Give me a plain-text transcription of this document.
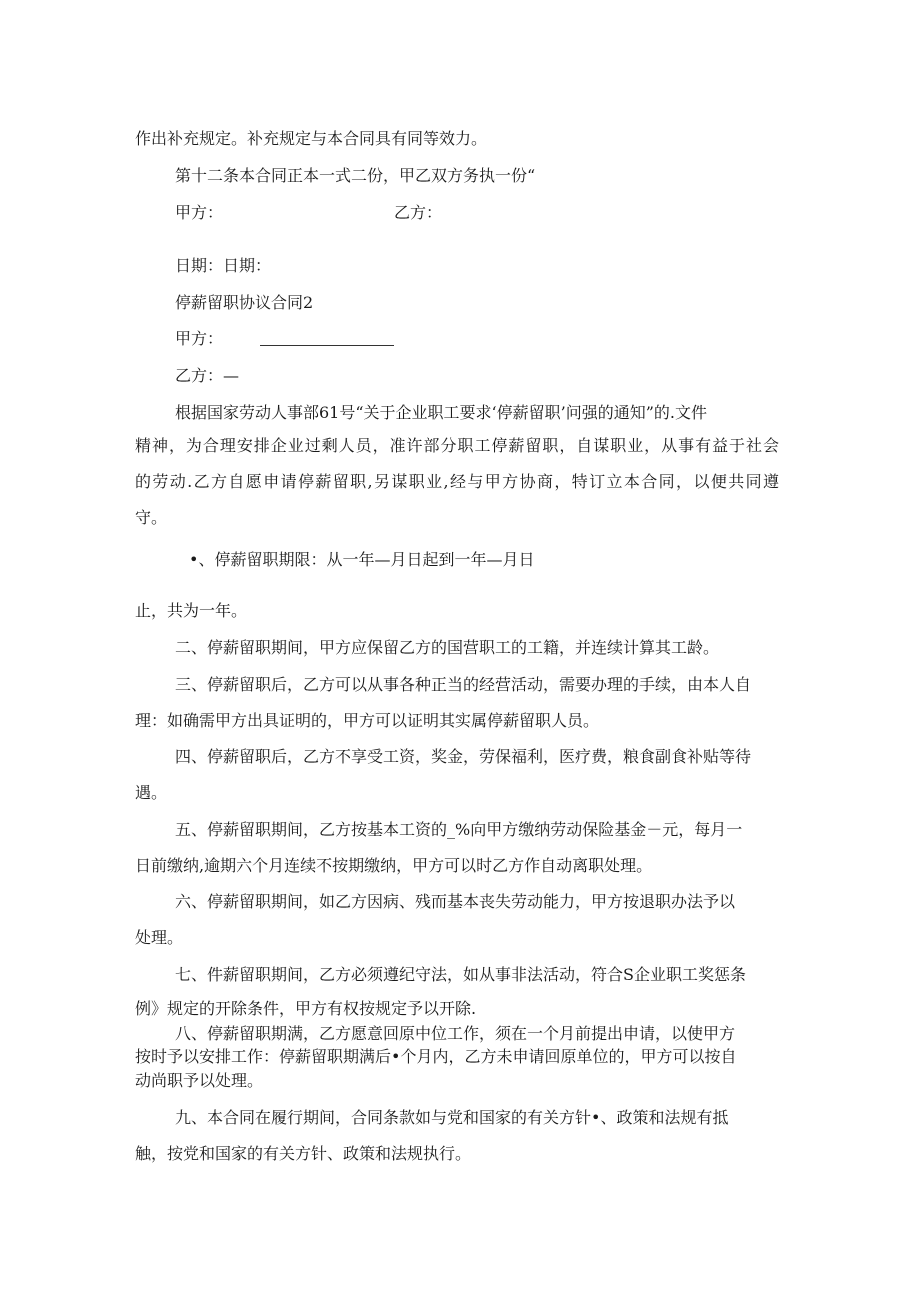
作出补充规定。补充规定与本合同具有同等效力。
第十二条本合同正本一式二份，甲乙双方务执一份“
甲方：	乙方：
日期：日期：
停薪留职协议合同2
甲方：
乙方：—
根据国家劳动人事部61号“关于企业职工要求‘停薪留职’问强的通知”的.文件
精神，为合理安排企业过剩人员，准许部分职工停薪留职，自谋职业，从事有益于社会
的劳动.乙方自愿申请停薪留职,另谋职业,经与甲方协商，特订立本合同，以便共同遵
守。
•、停薪留职期限：从一年—月日起到一年—月日
止，共为一年。
二、停薪留职期间，甲方应保留乙方的国营职工的工籍，并连续计算其工龄。
三、停薪留职后，乙方可以从事各种正当的经营活动，需要办理的手续，由本人自
理：如确需甲方出具证明的，甲方可以证明其实属停薪留职人员。
四、停薪留职后，乙方不享受工资，奖金，劳保福利，医疗费，粮食副食补贴等待
遇。
五、停薪留职期间，乙方按基本工资的_%向甲方缴纳劳动保险基金－元，每月一
日前缴纳,逾期六个月连续不按期缴纳，甲方可以时乙方作自动离职处理。
六、停薪留职期间，如乙方因病、残而基本丧失劳动能力，甲方按退职办法予以
处理。
七、件薪留职期间，乙方必须遵纪守法，如从事非法活动，符合S企业职工奖惩条
例》规定的开除条件，甲方有权按规定予以开除.
八、停薪留职期满，乙方愿意回原中位工作，须在一个月前提出申请，以使甲方
按时予以安排工作：停薪留职期满后•个月内，乙方未申请回原单位的，甲方可以按自
动尚职予以处理。
九、本合同在履行期间，合同条款如与党和国家的有关方针•、政策和法规有抵
触，按党和国家的有关方针、政策和法规执行。
